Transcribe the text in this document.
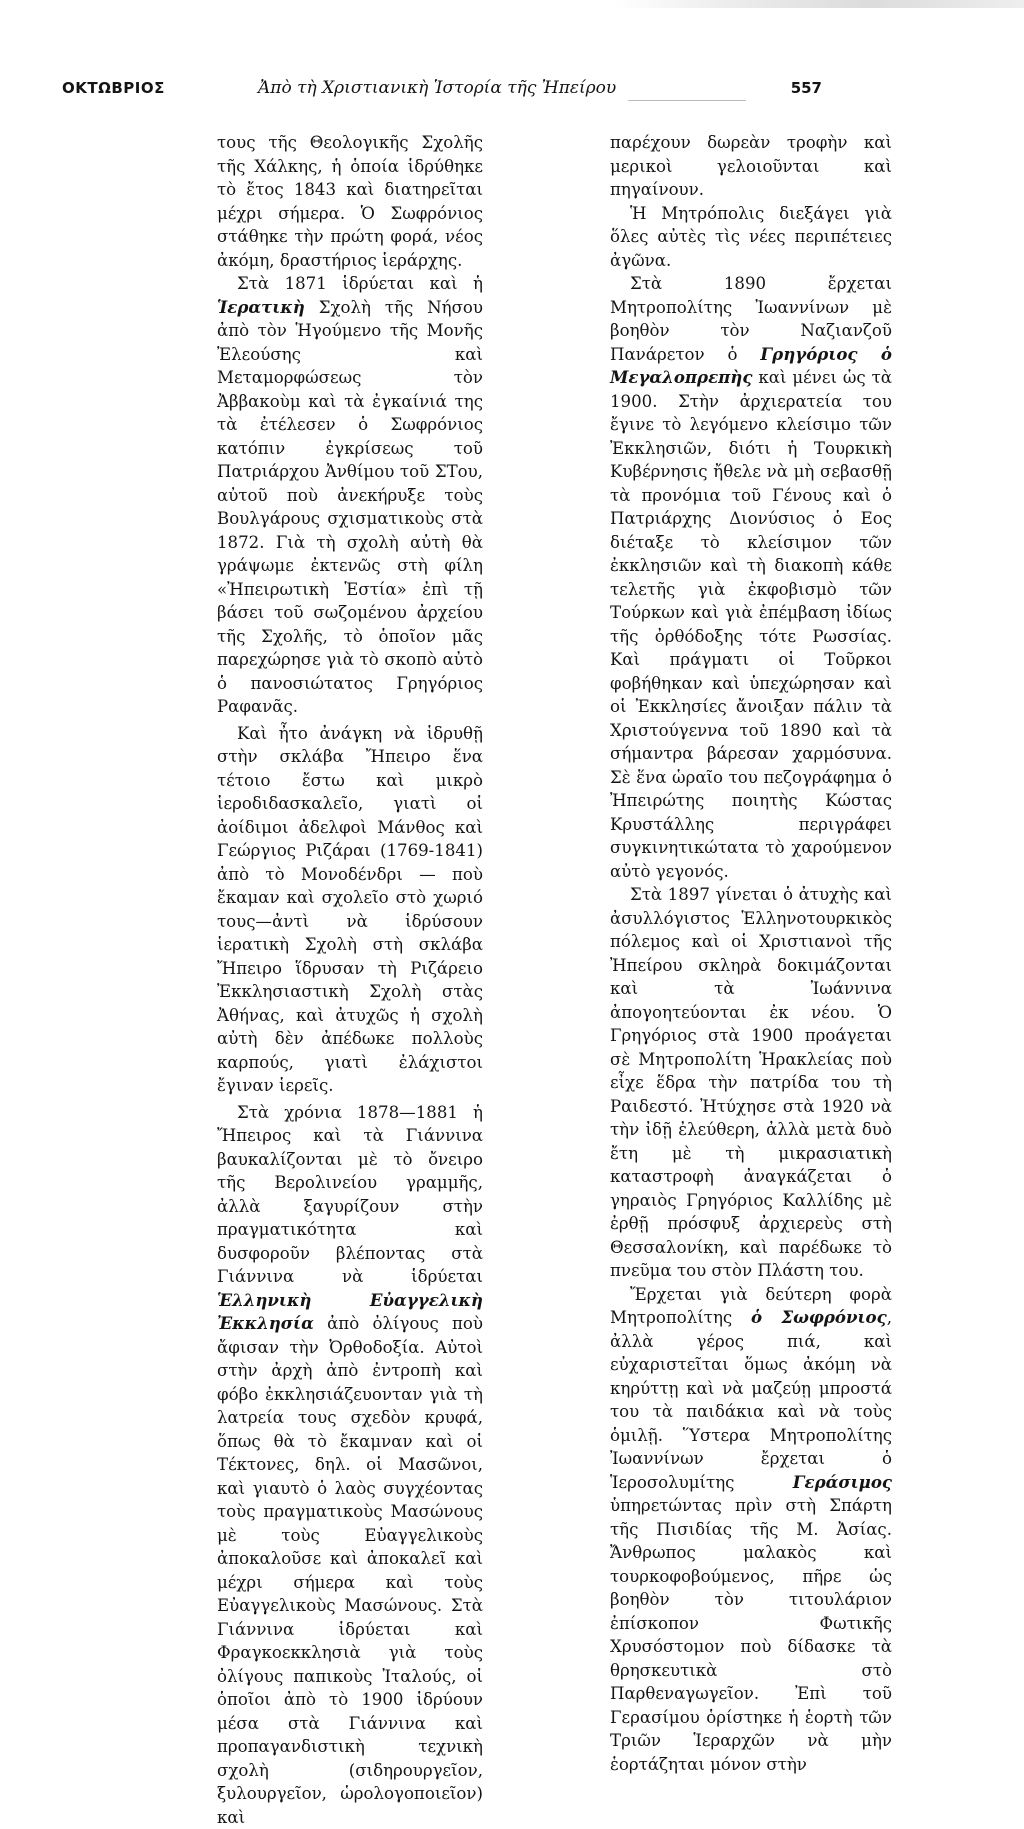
ΟΚΤΩΒΡΙΟΣ	Ἀπὸ τὴ Χριστιανικὴ Ἱστορία τῆς Ἠπείρου	557

τους τῆς Θεολογικῆς Σχολῆς τῆς Χάλκης, ἡ ὁποία ἱδρύθηκε τὸ ἔτος 1843 καὶ διατηρεῖται μέχρι σήμερα. Ὁ Σωφρόνιος στάθηκε τὴν πρώτη φορά, νέος ἀκόμη, δραστήριος ἱεράρχης.

Στὰ 1871 ἱδρύεται καὶ ἡ Ἱερατικὴ Σχολὴ τῆς Νήσου ἀπὸ τὸν Ἡγούμενο τῆς Μονῆς Ἐλεούσης καὶ Μεταμορφώσεως τὸν Ἀββακοὺμ καὶ τὰ ἐγκαίνιά της τὰ ἐτέλεσεν ὁ Σωφρόνιος κατόπιν ἐγκρίσεως τοῦ Πατριάρχου Ἀνθίμου τοῦ ΣΤου, αὐτοῦ ποὺ ἀνεκήρυξε τοὺς Βουλγάρους σχισματικοὺς στὰ 1872. Γιὰ τὴ σχολὴ αὐτὴ θὰ γράψωμε ἐκτενῶς στὴ φίλη «Ἠπειρωτικὴ Ἑστία» ἐπὶ τῇ βάσει τοῦ σωζομένου ἀρχείου τῆς Σχολῆς, τὸ ὁποῖον μᾶς παρεχώρησε γιὰ τὸ σκοπὸ αὐτὸ ὁ πανοσιώτατος Γρηγόριος Ραφανᾶς.

Καὶ ἦτο ἀνάγκη νὰ ἱδρυθῇ στὴν σκλάβα Ἤπειρο ἕνα τέτοιο ἔστω καὶ μικρὸ ἱεροδιδασκαλεῖο, γιατὶ οἱ ἀοίδιμοι ἀδελφοὶ Μάνθος καὶ Γεώργιος Ριζάραι (1769-1841) ἀπὸ τὸ Μονοδένδρι — ποὺ ἔκαμαν καὶ σχολεῖο στὸ χωριό τους—ἀντὶ νὰ ἱδρύσουν ἱερατικὴ Σχολὴ στὴ σκλάβα Ἤπειρο ἵδρυσαν τὴ Ριζάρειο Ἐκκλησιαστικὴ Σχολὴ στὰς Ἀθήνας, καὶ ἀτυχῶς ἡ σχολὴ αὐτὴ δὲν ἀπέδωκε πολλοὺς καρπούς, γιατὶ ἐλάχιστοι ἔγιναν ἱερεῖς.

Στὰ χρόνια 1878—1881 ἡ Ἤπειρος καὶ τὰ Γιάννινα βαυκαλίζονται μὲ τὸ ὄνειρο τῆς Βερολινείου γραμμῆς, ἀλλὰ ξαγυρίζουν στὴν πραγματικότητα καὶ δυσφοροῦν βλέποντας στὰ Γιάννινα νὰ ἱδρύεται Ἑλληνικὴ Εὐαγγελικὴ Ἐκκλησία ἀπὸ ὀλίγους ποὺ ἄφισαν τὴν Ὀρθοδοξία. Αὐτοὶ στὴν ἀρχὴ ἀπὸ ἐντροπὴ καὶ φόβο ἐκκλησιάζευονταν γιὰ τὴ λατρεία τους σχεδὸν κρυφά, ὅπως θὰ τὸ ἔκαμναν καὶ οἱ Τέκτονες, δηλ. οἱ Μασῶνοι, καὶ γιαυτὸ ὁ λαὸς συγχέοντας τοὺς πραγματικοὺς Μασώνους μὲ τοὺς Εὐαγγελικοὺς ἀποκαλοῦσε καὶ ἀποκαλεῖ καὶ μέχρι σήμερα καὶ τοὺς Εὐαγγελικοὺς Μασώνους. Στὰ Γιάννινα ἱδρύεται καὶ Φραγκοεκκλησιὰ γιὰ τοὺς ὀλίγους παπικοὺς Ἰταλούς, οἱ ὁποῖοι ἀπὸ τὸ 1900 ἱδρύουν μέσα στὰ Γιάννινα καὶ προπαγανδιστικὴ τεχνικὴ σχολὴ (σιδηρουργεῖον, ξυλουργεῖον, ὡρολογοποιεῖον) καὶ

παρέχουν δωρεὰν τροφὴν καὶ μερικοὶ γελοιοῦνται καὶ πηγαίνουν.

Ἡ Μητρόπολις διεξάγει γιὰ ὅλες αὐτὲς τὶς νέες περιπέτειες ἀγῶνα.

Στὰ 1890 ἔρχεται Μητροπολίτης Ἰωαννίνων μὲ βοηθὸν τὸν Ναζιανζοῦ Πανάρετον ὁ Γρηγόριος ὁ Μεγαλοπρεπὴς καὶ μένει ὡς τὰ 1900. Στὴν ἀρχιερατεία του ἔγινε τὸ λεγόμενο κλείσιμο τῶν Ἐκκλησιῶν, διότι ἡ Τουρκικὴ Κυβέρνησις ἤθελε νὰ μὴ σεβασθῇ τὰ προνόμια τοῦ Γένους καὶ ὁ Πατριάρχης Διονύσιος ὁ Εος διέταξε τὸ κλείσιμον τῶν ἐκκλησιῶν καὶ τὴ διακοπὴ κάθε τελετῆς γιὰ ἐκφοβισμὸ τῶν Τούρκων καὶ γιὰ ἐπέμβαση ἰδίως τῆς ὀρθόδοξης τότε Ρωσσίας. Καὶ πράγματι οἱ Τοῦρκοι φοβήθηκαν καὶ ὑπεχώρησαν καὶ οἱ Ἐκκλησίες ἄνοιξαν πάλιν τὰ Χριστούγεννα τοῦ 1890 καὶ τὰ σήμαντρα βάρεσαν χαρμόσυνα. Σὲ ἕνα ὡραῖο του πεζογράφημα ὁ Ἠπειρώτης ποιητὴς Κώστας Κρυστάλλης περιγράφει συγκινητικώτατα τὸ χαρούμενον αὐτὸ γεγονός.

Στὰ 1897 γίνεται ὁ ἀτυχὴς καὶ ἀσυλλόγιστος Ἑλληνοτουρκικὸς πόλεμος καὶ οἱ Χριστιανοὶ τῆς Ἠπείρου σκληρὰ δοκιμάζονται καὶ τὰ Ἰωάννινα ἀπογοητεύονται ἐκ νέου. Ὁ Γρηγόριος στὰ 1900 προάγεται σὲ Μητροπολίτη Ἡρακλείας ποὺ εἶχε ἕδρα τὴν πατρίδα του τὴ Ραιδεστό. Ἠτύχησε στὰ 1920 νὰ τὴν ἰδῇ ἐλεύθερη, ἀλλὰ μετὰ δυὸ ἔτη μὲ τὴ μικρασιατικὴ καταστροφὴ ἀναγκάζεται ὁ γηραιὸς Γρηγόριος Καλλίδης μὲ ἐρθῇ πρόσφυξ ἀρχιερεὺς στὴ Θεσσαλονίκη, καὶ παρέδωκε τὸ πνεῦμα του στὸν Πλάστη του.

Ἔρχεται γιὰ δεύτερη φορὰ Μητροπολίτης ὁ Σωφρόνιος, ἀλλὰ γέρος πιά, καὶ εὐχαριστεῖται ὅμως ἀκόμη νὰ κηρύττῃ καὶ νὰ μαζεύῃ μπροστά του τὰ παιδάκια καὶ νὰ τοὺς ὁμιλῇ. Ὕστερα Μητροπολίτης Ἰωαννίνων ἔρχεται ὁ Ἱεροσολυμίτης Γεράσιμος ὑπηρετώντας πρὶν στὴ Σπάρτη τῆς Πισιδίας τῆς Μ. Ἀσίας. Ἄνθρωπος μαλακὸς καὶ τουρκοφοβούμενος, πῆρε ὡς βοηθὸν τὸν τιτουλάριον ἐπίσκοπον Φωτικῆς Χρυσόστομον ποὺ δίδασκε τὰ θρησκευτικὰ στὸ Παρθεναγωγεῖον. Ἐπὶ τοῦ Γερασίμου ὁρίστηκε ἡ ἑορτὴ τῶν Τριῶν Ἱεραρχῶν νὰ μὴν ἑορτάζηται μόνον στὴν
